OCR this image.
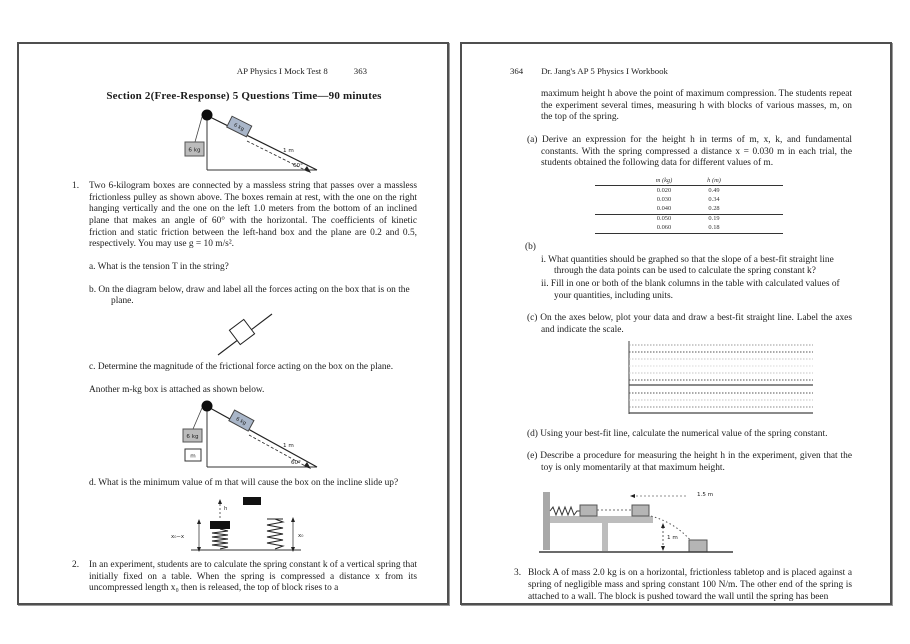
AP Physics I Mock Test 8	363
Section 2(Free-Response) 5 Questions Time—90 minutes
6 kg
6 kg
1 m
60°
1. Two 6-kilogram boxes are connected by a massless string that passes over a massless frictionless pulley as shown above. The boxes remain at rest, with the one on the right hanging vertically and the one on the left 1.0 meters from the bottom of an inclined plane that makes an angle of 60° with the horizontal. The coefficients of kinetic friction and static friction between the left-hand box and the plane are 0.2 and 0.5, respectively. You may use g = 10 m/s².
a. What is the tension T in the string?
b. On the diagram below, draw and label all the forces acting on the box that is on the plane.
c. Determine the magnitude of the frictional force acting on the box on the plane.
Another m-kg box is attached as shown below.
6 kg
m
6 kg
1 m
60°
d. What is the minimum value of m that will cause the box on the incline slide up?
x₀−x
h
x₀
2. In an experiment, students are to calculate the spring constant k of a vertical spring that initially fixed on a table. When the spring is compressed a distance x from its uncompressed length x₀ then is released, the top of block rises to a
364 Dr. Jang's AP 5 Physics I Workbook
maximum height h above the point of maximum compression. The students repeat the experiment several times, measuring h with blocks of various masses, m, on the top of the spring.
(a) Derive an expression for the height h in terms of m, x, k, and fundamental constants. With the spring compressed a distance x = 0.030 m in each trial, the students obtained the following data for different values of m.
	m (kg)	h (m)	
	0.020	0.49	
	0.030	0.34	
	0.040	0.28	
	0.050	0.19	
	0.060	0.18	
(b)
i. What quantities should be graphed so that the slope of a best-fit straight line through the data points can be used to calculate the spring constant k?
ii. Fill in one or both of the blank columns in the table with calculated values of your quantities, including units.
(c) On the axes below, plot your data and draw a best-fit straight line. Label the axes and indicate the scale.
(d) Using your best-fit line, calculate the numerical value of the spring constant.
(e) Describe a procedure for measuring the height h in the experiment, given that the toy is only momentarily at that maximum height.
1 m
1.5 m
3. Block A of mass 2.0 kg is on a horizontal, frictionless tabletop and is placed against a spring of negligible mass and spring constant 100 N/m. The other end of the spring is attached to a wall. The block is pushed toward the wall until the spring has been
